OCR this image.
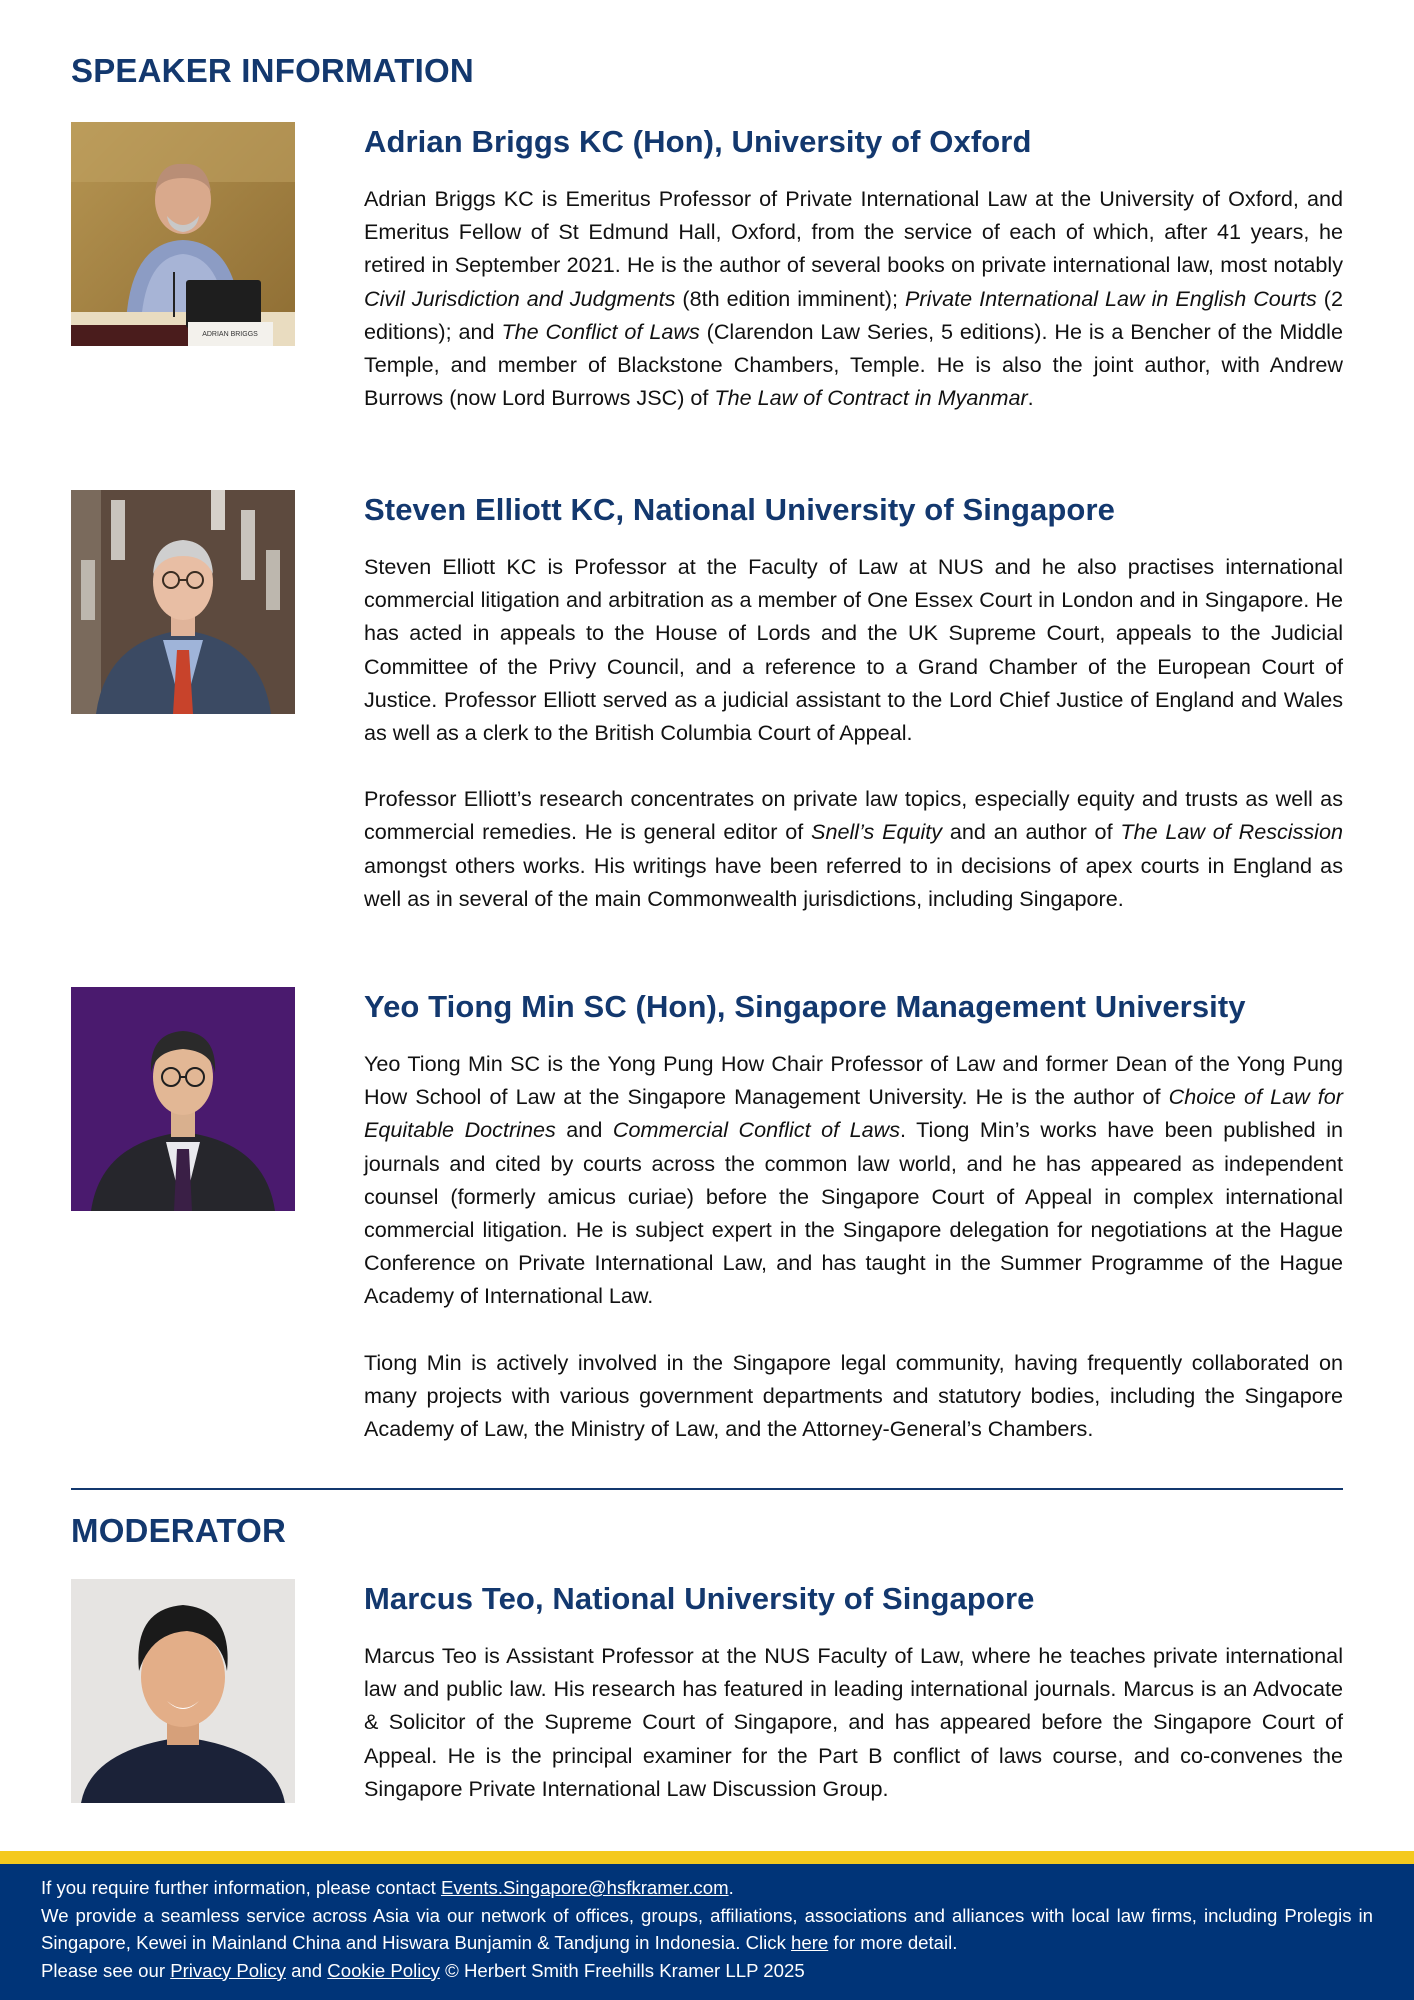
SPEAKER INFORMATION
ADRIAN BRIGGS
Adrian Briggs KC (Hon), University of Oxford

Adrian Briggs KC is Emeritus Professor of Private International Law at the University of Oxford, and Emeritus Fellow of St Edmund Hall, Oxford, from the service of each of which, after 41 years, he retired in September 2021. He is the author of several books on private international law, most notably Civil Jurisdiction and Judgments (8th edition imminent); Private International Law in English Courts (2 editions); and The Conflict of Laws (Clarendon Law Series, 5 editions). He is a Bencher of the Middle Temple, and member of Blackstone Chambers, Temple. He is also the joint author, with Andrew Burrows (now Lord Burrows JSC) of The Law of Contract in Myanmar.

Steven Elliott KC, National University of Singapore

Steven Elliott KC is Professor at the Faculty of Law at NUS and he also practises international commercial litigation and arbitration as a member of One Essex Court in London and in Singapore. He has acted in appeals to the House of Lords and the UK Supreme Court, appeals to the Judicial Committee of the Privy Council, and a reference to a Grand Chamber of the European Court of Justice. Professor Elliott served as a judicial assistant to the Lord Chief Justice of England and Wales as well as a clerk to the British Columbia Court of Appeal.

Professor Elliott’s research concentrates on private law topics, especially equity and trusts as well as commercial remedies. He is general editor of Snell’s Equity and an author of The Law of Rescission amongst others works. His writings have been referred to in decisions of apex courts in England as well as in several of the main Commonwealth jurisdictions, including Singapore.

Yeo Tiong Min SC (Hon), Singapore Management University

Yeo Tiong Min SC is the Yong Pung How Chair Professor of Law and former Dean of the Yong Pung How School of Law at the Singapore Management University. He is the author of Choice of Law for Equitable Doctrines and Commercial Conflict of Laws. Tiong Min’s works have been published in journals and cited by courts across the common law world, and he has appeared as independent counsel (formerly amicus curiae) before the Singapore Court of Appeal in complex international commercial litigation. He is subject expert in the Singapore delegation for negotiations at the Hague Conference on Private International Law, and has taught in the Summer Programme of the Hague Academy of International Law.

Tiong Min is actively involved in the Singapore legal community, having frequently collaborated on many projects with various government departments and statutory bodies, including the Singapore Academy of Law, the Ministry of Law, and the Attorney-General’s Chambers.

MODERATOR
Marcus Teo, National University of Singapore

Marcus Teo is Assistant Professor at the NUS Faculty of Law, where he teaches private international law and public law. His research has featured in leading international journals. Marcus is an Advocate & Solicitor of the Supreme Court of Singapore, and has appeared before the Singapore Court of Appeal. He is the principal examiner for the Part B conflict of laws course, and co-convenes the Singapore Private International Law Discussion Group.

If you require further information, please contact Events.Singapore@hsfkramer.com.
We provide a seamless service across Asia via our network of offices, groups, affiliations, associations and alliances with local law firms, including Prolegis in Singapore, Kewei in Mainland China and Hiswara Bunjamin & Tandjung in Indonesia. Click here for more detail.
Please see our Privacy Policy and Cookie Policy © Herbert Smith Freehills Kramer LLP 2025
